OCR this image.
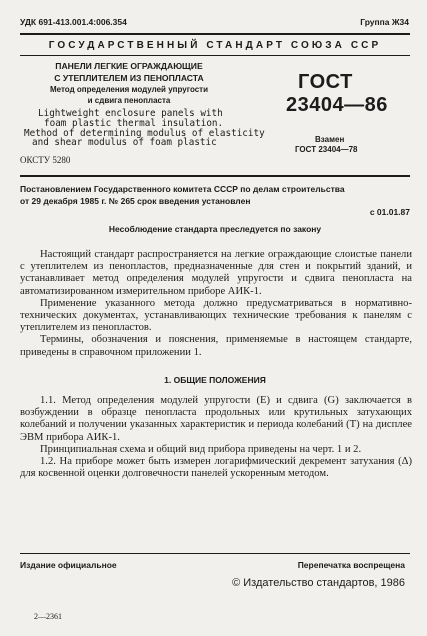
УДК 691-413.001.4:006.354	Группа Ж34
ГОСУДАРСТВЕННЫЙ СТАНДАРТ СОЮЗА ССР
ПАНЕЛИ ЛЕГКИЕ ОГРАЖДАЮЩИЕ
С УТЕПЛИТЕЛЕМ ИЗ ПЕНОПЛАСТА
Метод определения модулей упругости
и сдвига пенопласта
Lightweight enclosure panels with
foam plastic thermal insulation.
Method of determining modulus of elasticity
and shear modulus of foam plastic
ОКСТУ 5280
ГОСТ
23404—86
Взамен
ГОСТ 23404—78
Постановлением Государственного комитета СССР по делам строительства
от 29 декабря 1985 г. № 265 срок введения установлен
с 01.01.87
Несоблюдение стандарта преследуется по закону

Настоящий стандарт распространяется на легкие ограждающие слоистые панели с утеплителем из пенопластов, предназначенные для стен и покрытий зданий, и устанавливает метод определения модулей упругости и сдвига пенопласта на автоматизированном измерительном приборе АИК-1.

Применение указанного метода должно предусматриваться в нормативно-технических документах, устанавливающих технические требования к панелям с утеплителем из пенопластов.

Термины, обозначения и пояснения, применяемые в настоящем стандарте, приведены в справочном приложении 1.

1. ОБЩИЕ ПОЛОЖЕНИЯ

1.1. Метод определения модулей упругости (E) и сдвига (G) заключается в возбуждении в образце пенопласта продольных или крутильных затухающих колебаний и получении указанных характеристик и периода колебаний (T) на дисплее ЭВМ прибора АИК-1.

Принципиальная схема и общий вид прибора приведены на черт. 1 и 2.

1.2. На приборе может быть измерен логарифмический декремент затухания (Δ) для косвенной оценки долговечности панелей ускоренным методом.

Издание официальное	Перепечатка воспрещена
© Издательство стандартов, 1986
2—2361
